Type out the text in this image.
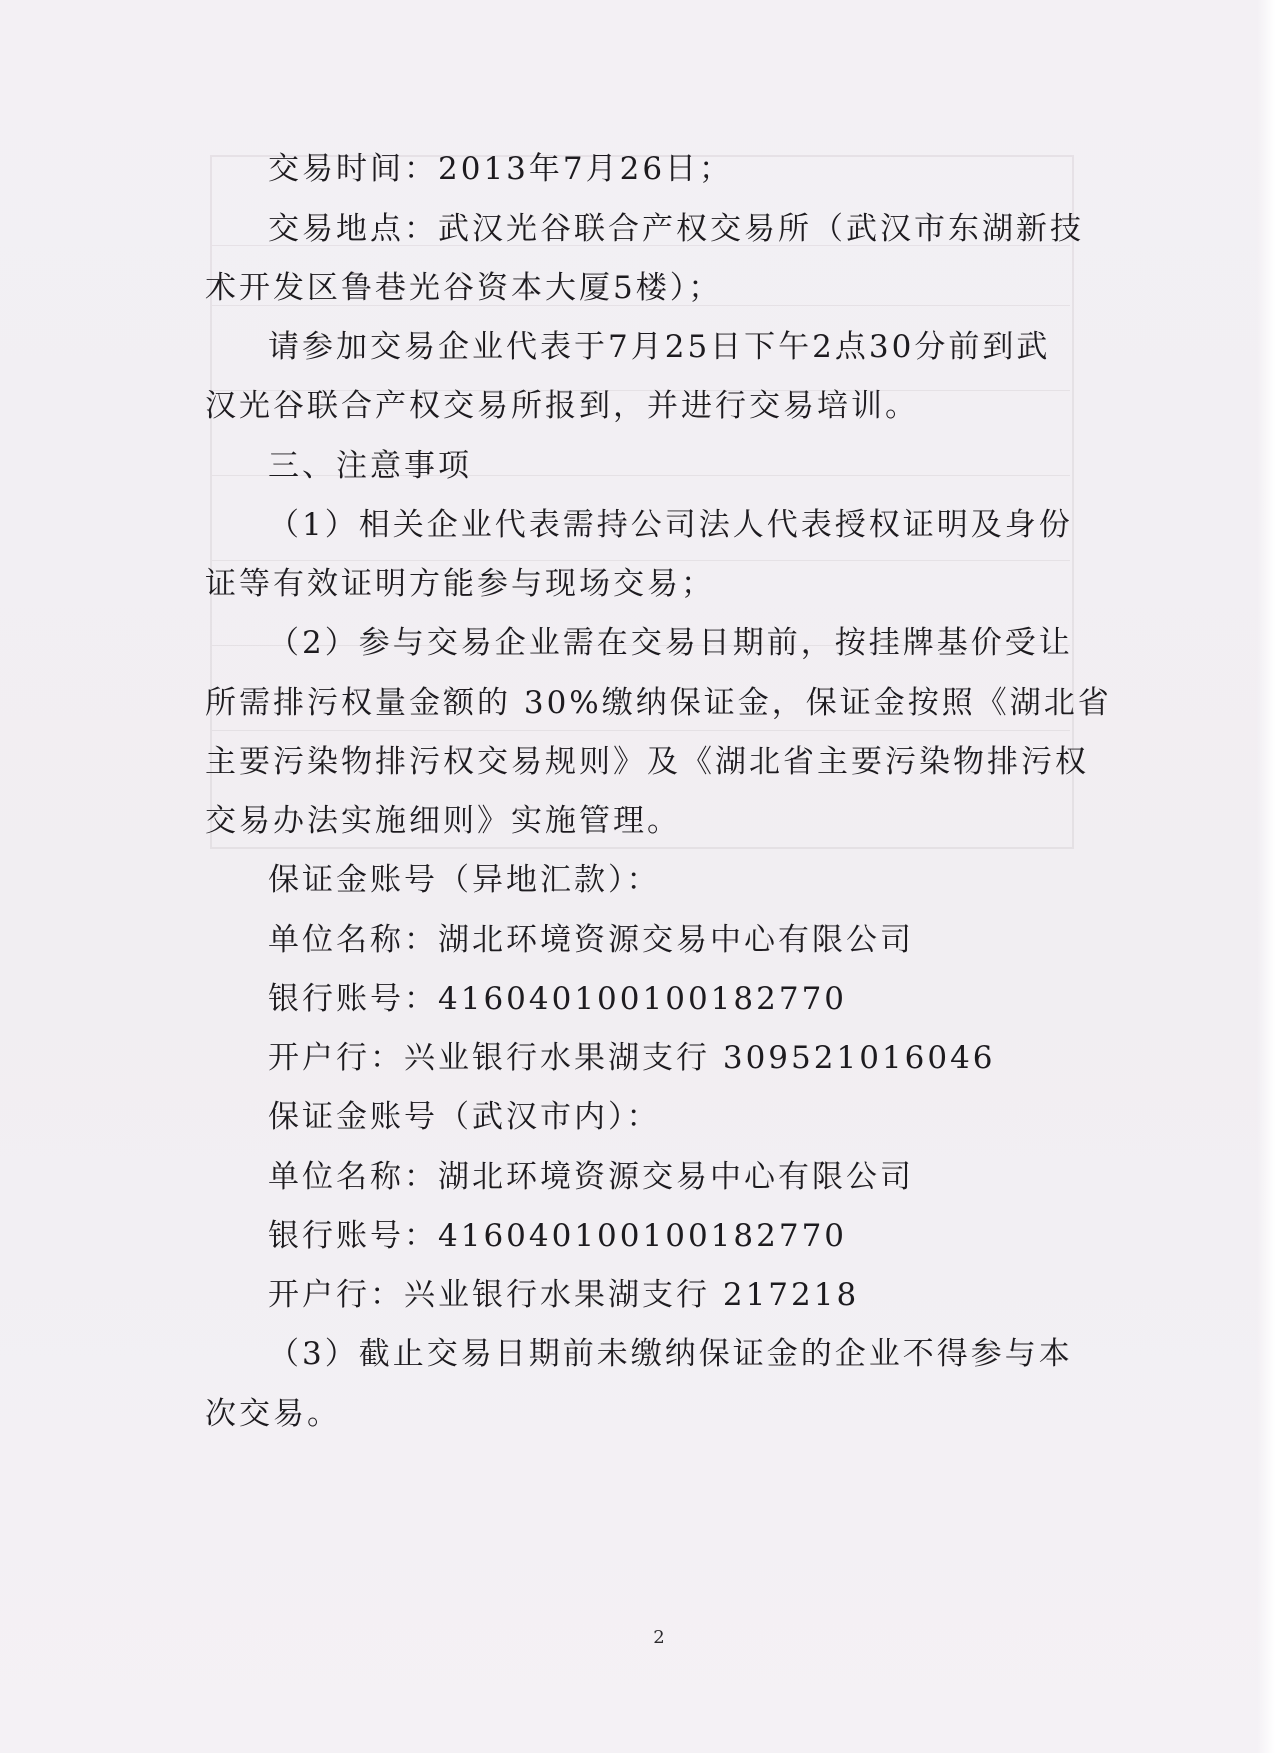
交易时间：2013年7月26日；
交易地点：武汉光谷联合产权交易所（武汉市东湖新技
术开发区鲁巷光谷资本大厦5楼）；
请参加交易企业代表于7月25日下午2点30分前到武
汉光谷联合产权交易所报到，并进行交易培训。
三、注意事项
（1）相关企业代表需持公司法人代表授权证明及身份
证等有效证明方能参与现场交易；
（2）参与交易企业需在交易日期前，按挂牌基价受让
所需排污权量金额的 30%缴纳保证金，保证金按照《湖北省
主要污染物排污权交易规则》及《湖北省主要污染物排污权
交易办法实施细则》实施管理。
保证金账号（异地汇款）：
单位名称：湖北环境资源交易中心有限公司
银行账号：416040100100182770
开户行：兴业银行水果湖支行 309521016046
保证金账号（武汉市内）：
单位名称：湖北环境资源交易中心有限公司
银行账号：416040100100182770
开户行：兴业银行水果湖支行 217218
（3）截止交易日期前未缴纳保证金的企业不得参与本
次交易。
2
